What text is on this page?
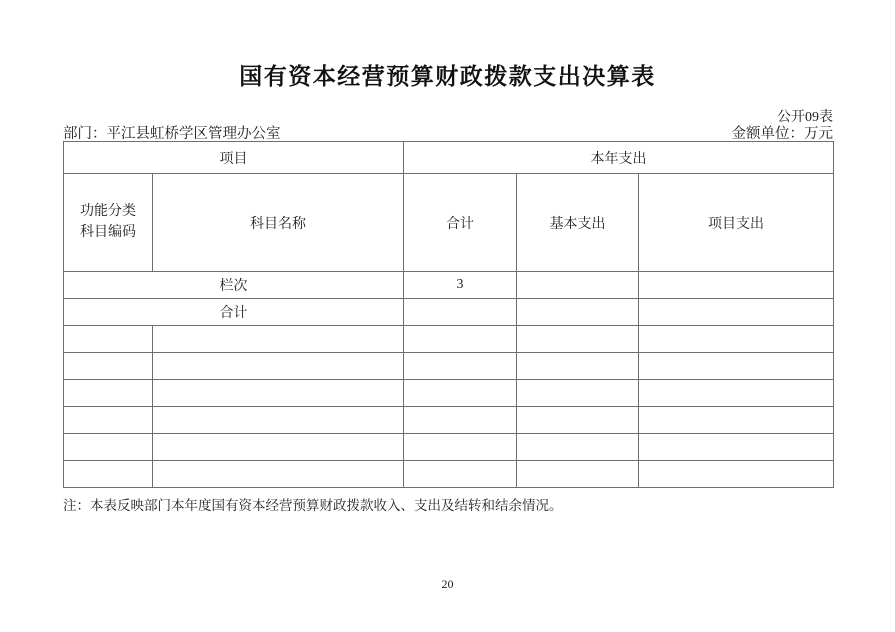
国有资本经营预算财政拨款支出决算表
公开09表
部门：平江县虹桥学区管理办公室	金额单位：万元
项目		本年支出		

功能分类
科目编码	科目名称	合计	基本支出	项目支出
栏次		3		
合计				

注：本表反映部门本年度国有资本经营预算财政拨款收入、支出及结转和结余情况。
20
